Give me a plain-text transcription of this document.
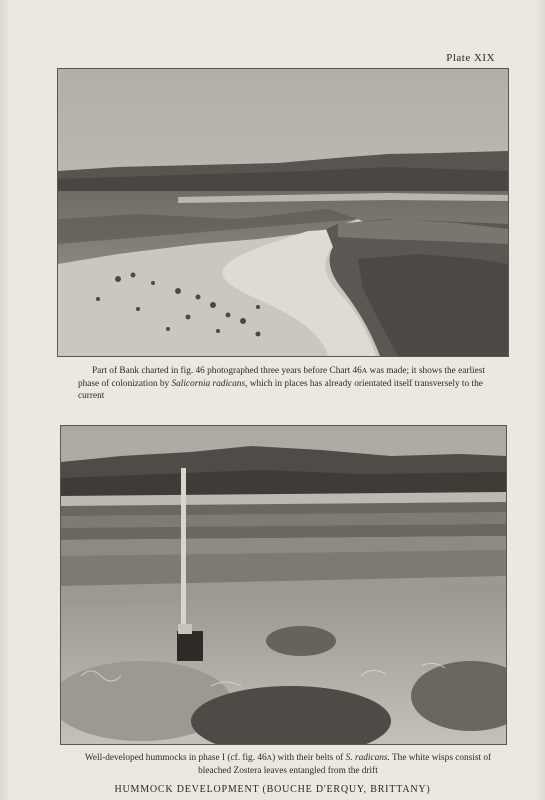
Plate XIX
Part of Bank charted in fig. 46 photographed three years before Chart 46A was made; it shows the earliest phase of colonization by Salicornia radicans, which in places has already orientated itself transversely to the current
Well-developed hummocks in phase I (cf. fig. 46A) with their belts of S. radicans. The white wisps consist of bleached Zostera leaves entangled from the drift
HUMMOCK DEVELOPMENT (BOUCHE D'ERQUY, BRITTANY)
